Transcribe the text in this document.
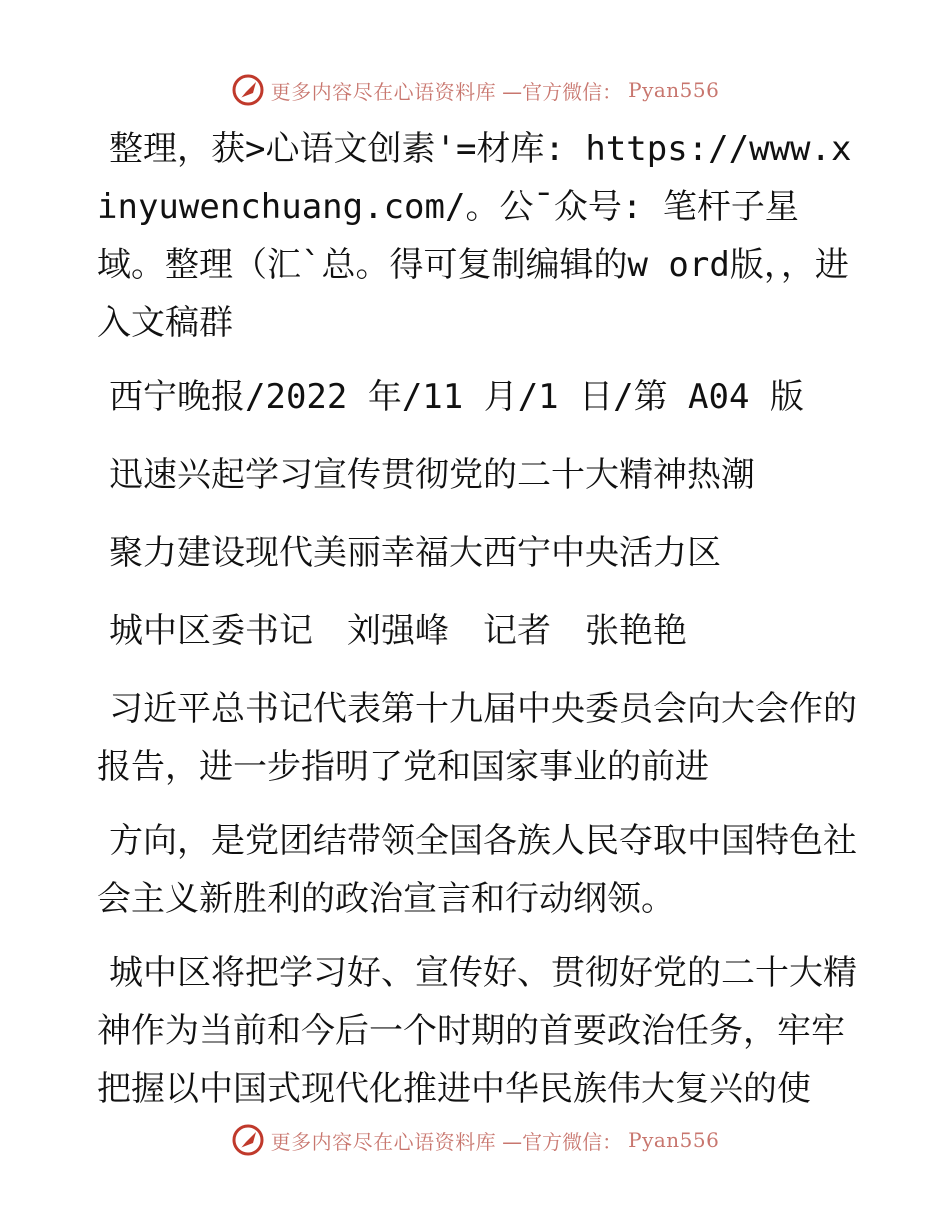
更多内容尽在心语资料库 —官方微信： Pyan556

整理，获>心语文创素'=材库: https://www.xinyuwenchuang.com/。公¯众号: 笔杆子星域。整理（汇`总。得可复制编辑的w ord版，，进入文稿群

西宁晚报/2022 年/11 月/1 日/第 A04 版

迅速兴起学习宣传贯彻党的二十大精神热潮

聚力建设现代美丽幸福大西宁中央活力区

城中区委书记　刘强峰　记者　张艳艳

习近平总书记代表第十九届中央委员会向大会作的报告，进一步指明了党和国家事业的前进

方向，是党团结带领全国各族人民夺取中国特色社会主义新胜利的政治宣言和行动纲领。

城中区将把学习好、宣传好、贯彻好党的二十大精神作为当前和今后一个时期的首要政治任务，牢牢把握以中国式现代化推进中华民族伟大复兴的使

更多内容尽在心语资料库 —官方微信： Pyan556
